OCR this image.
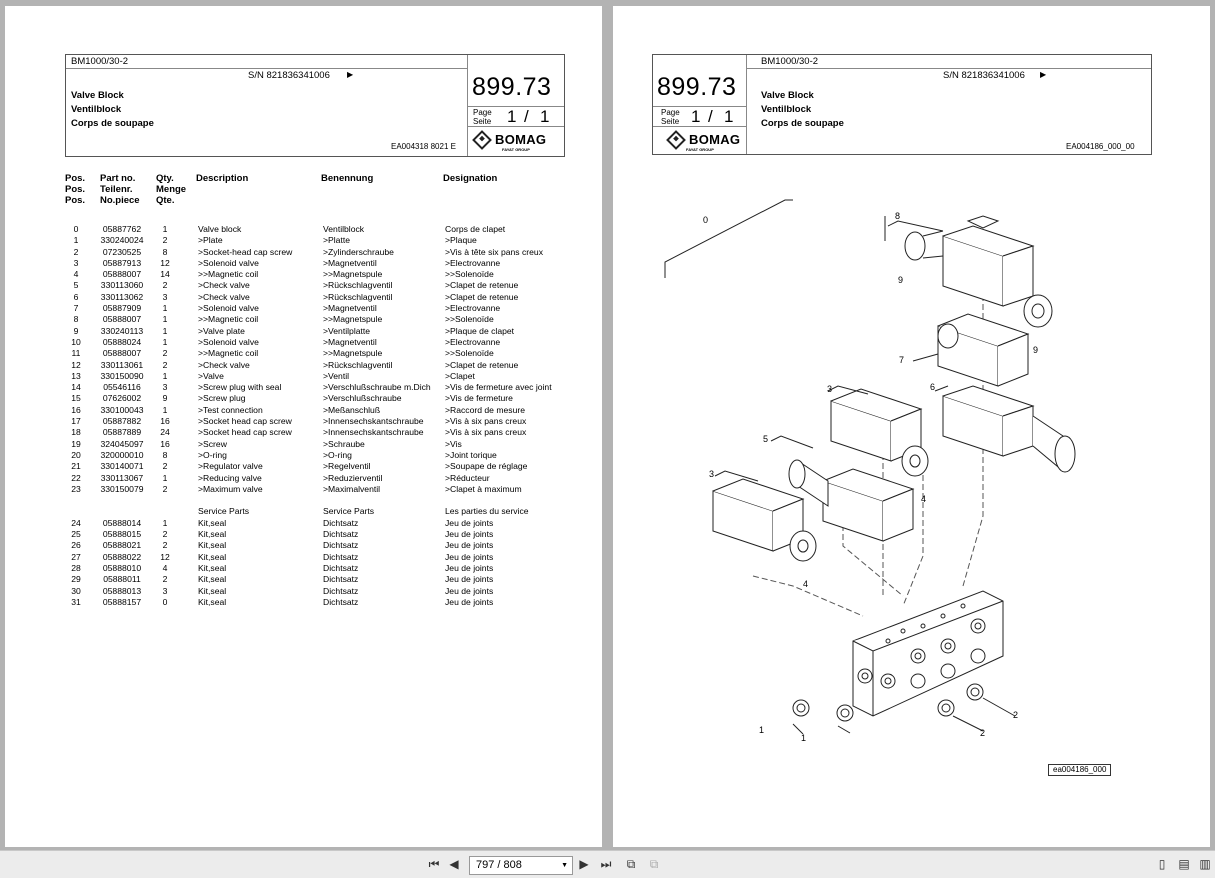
BM1000/30-2
S/N 821836341006 ▶
Valve Block
Ventilblock
Corps de soupape
EA004318 8021 E
899.73
Page
Seite 1 / 1
BOMAG
FAYAT GROUP
Pos.
Pos.
Pos.
Part no.
Teilenr.
No.piece
Qty.
Menge
Qte.
Description	Benennung	Designation
0	05887762	1	Valve block	Ventilblock	Corps de clapet
1	330240024	2	>Plate	>Platte	>Plaque
2	07230525	8	>Socket-head cap screw	>Zylinderschraube	>Vis à tête six pans creux
3	05887913	12	>Solenoid valve	>Magnetventil	>Electrovanne
4	05888007	14	>>Magnetic coil	>>Magnetspule	>>Solenoïde
5	330113060	2	>Check valve	>Rückschlagventil	>Clapet de retenue
6	330113062	3	>Check valve	>Rückschlagventil	>Clapet de retenue
7	05887909	1	>Solenoid valve	>Magnetventil	>Electrovanne
8	05888007	1	>>Magnetic coil	>>Magnetspule	>>Solenoïde
9	330240113	1	>Valve plate	>Ventilplatte	>Plaque de clapet
10	05888024	1	>Solenoid valve	>Magnetventil	>Electrovanne
11	05888007	2	>>Magnetic coil	>>Magnetspule	>>Solenoïde
12	330113061	2	>Check valve	>Rückschlagventil	>Clapet de retenue
13	330150090	1	>Valve	>Ventil	>Clapet
14	05546116	3	>Screw plug with seal	>Verschlußschraube m.Dich >Vis de fermeture avec joint
15	07626002	9	>Screw plug	>Verschlußschraube	>Vis de fermeture
16	330100043	1	>Test connection	>Meßanschluß	>Raccord de mesure
17	05887882	16	>Socket head cap screw	>Innensechskantschraube >Vis à six pans creux
18	05887889	24	>Socket head cap screw	>Innensechskantschraube >Vis à six pans creux
19	324045097	16	>Screw	>Schraube	>Vis
20	320000010	8	>O-ring	>O-ring	>Joint torique
21	330140071	2	>Regulator valve	>Regelventil	>Soupape de réglage
22	330113067	1	>Reducing valve	>Reduzierventil	>Réducteur
23	330150079	2	>Maximum valve	>Maximalventil	>Clapet à maximum
Service Parts	Service Parts	Les parties du service
24	05888014	1	Kit,seal	Dichtsatz	Jeu de joints
25	05888015	2	Kit,seal	Dichtsatz	Jeu de joints
26	05888021	2	Kit,seal	Dichtsatz	Jeu de joints
27	05888022	12	Kit,seal	Dichtsatz	Jeu de joints
28	05888010	4	Kit,seal	Dichtsatz	Jeu de joints
29	05888011	2	Kit,seal	Dichtsatz	Jeu de joints
30	05888013	3	Kit,seal	Dichtsatz	Jeu de joints
31	05888157	0	Kit,seal	Dichtsatz	Jeu de joints
BM1000/30-2
S/N 821836341006 ▶
899.73	Valve Block
Ventilblock
Corps de soupape
Page
Seite 1 / 1
BOMAG
FAYAT GROUP	EA004186_000_00
0	8
9
9
7
3	6
5
4
3
4
1
1
2
2
ea004186_000
⏮ ◀ 797 / 808	▼ ▶ ⏭	⧉	⧉	▯	▤ ▥
